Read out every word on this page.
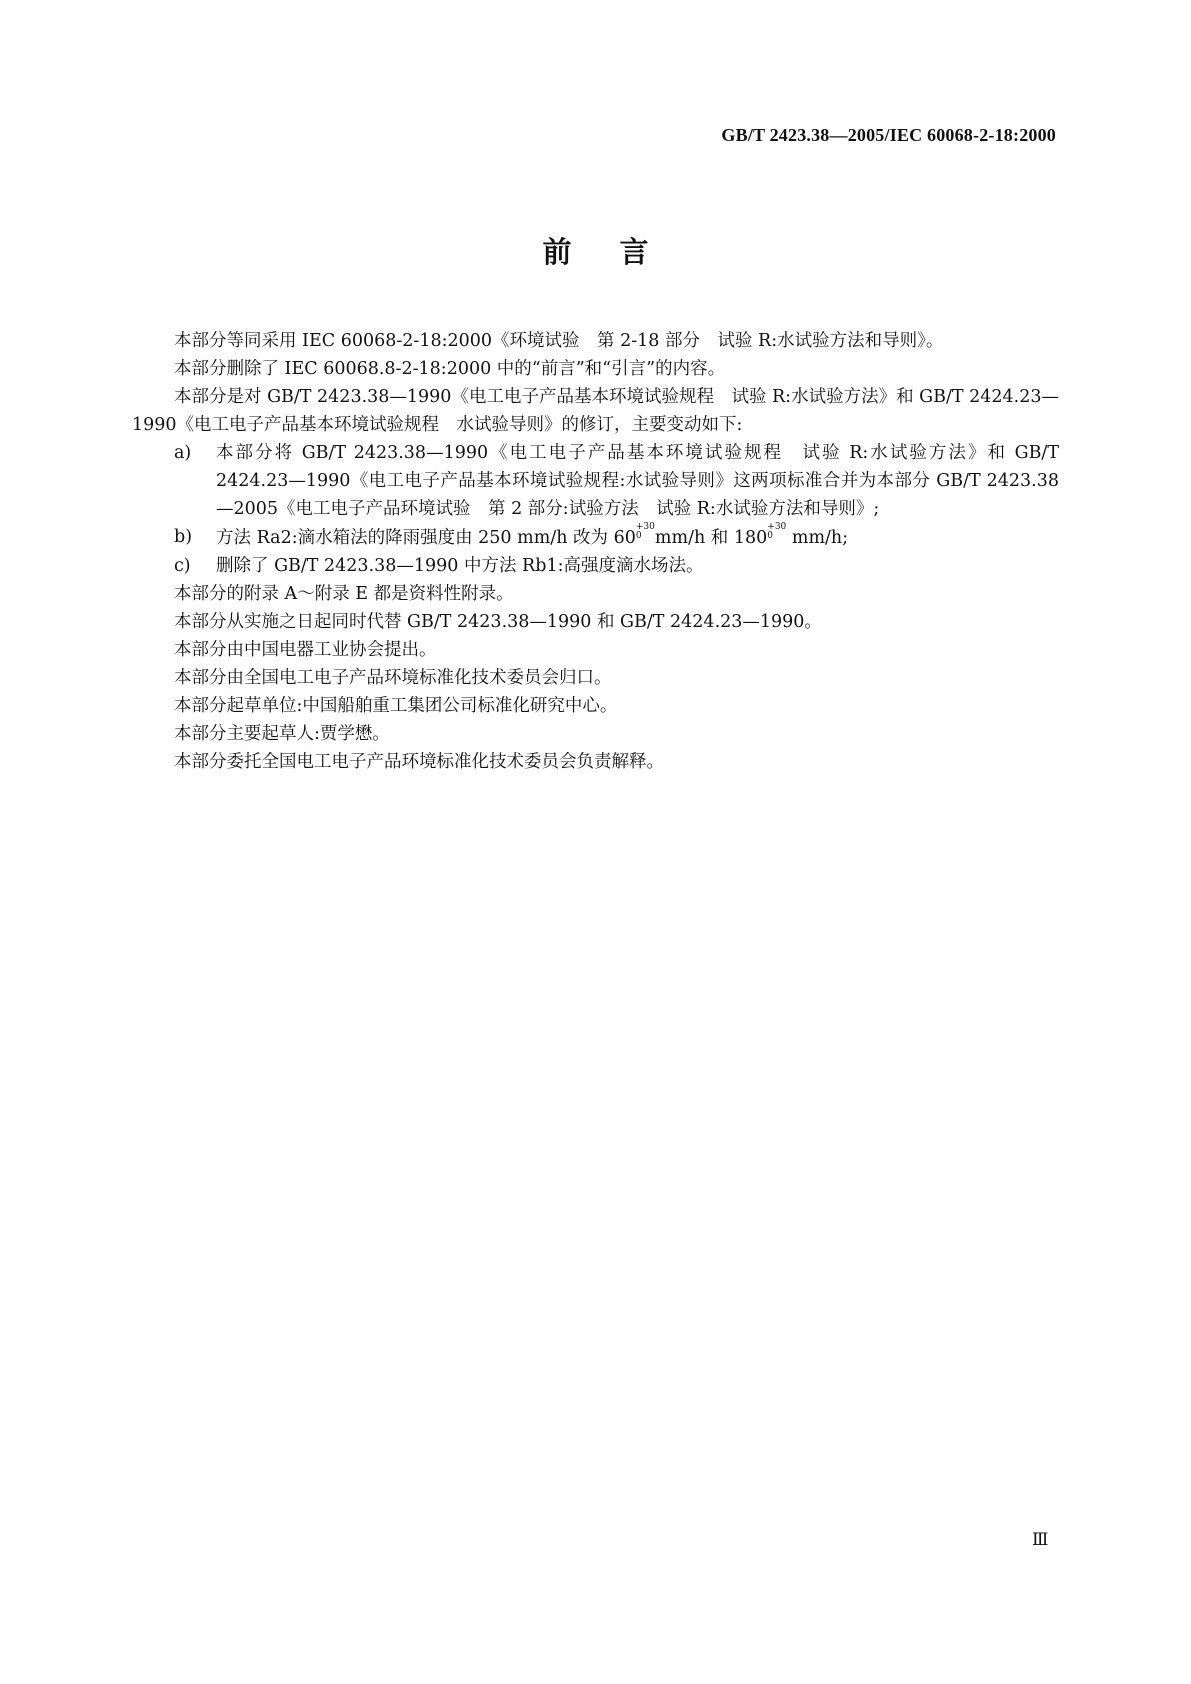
GB/T 2423.38—2005/IEC 60068-2-18:2000
前言

本部分等同采用 IEC 60068-2-18:2000《环境试验　第 2-18 部分　试验 R:水试验方法和导则》。

本部分删除了 IEC 60068.8-2-18:2000 中的“前言”和“引言”的内容。

本部分是对 GB/T 2423.38—1990《电工电子产品基本环境试验规程　试验 R:水试验方法》和 GB/T 2424.23—1990《电工电子产品基本环境试验规程　水试验导则》的修订，主要变动如下:

a)	本部分将 GB/T 2423.38—1990《电工电子产品基本环境试验规程　试验 R:水试验方法》和 GB/T 2424.23—1990《电工电子产品基本环境试验规程:水试验导则》这两项标准合并为本部分 GB/T 2423.38—2005《电工电子产品环境试验　第 2 部分:试验方法　试验 R:水试验方法和导则》;
b)	方法 Ra2:滴水箱法的降雨强度由 250 mm/h 改为 60
$^{+30 0}$ mm/h 和 180
$^{+30 0}$ mm/h;
c)	删除了 GB/T 2423.38—1990 中方法 Rb1:高强度滴水场法。

本部分的附录 A～附录 E 都是资料性附录。

本部分从实施之日起同时代替 GB/T 2423.38—1990 和 GB/T 2424.23—1990。

本部分由中国电器工业协会提出。

本部分由全国电工电子产品环境标准化技术委员会归口。

本部分起草单位:中国船舶重工集团公司标准化研究中心。

本部分主要起草人:贾学懋。

本部分委托全国电工电子产品环境标准化技术委员会负责解释。

Ⅲ
